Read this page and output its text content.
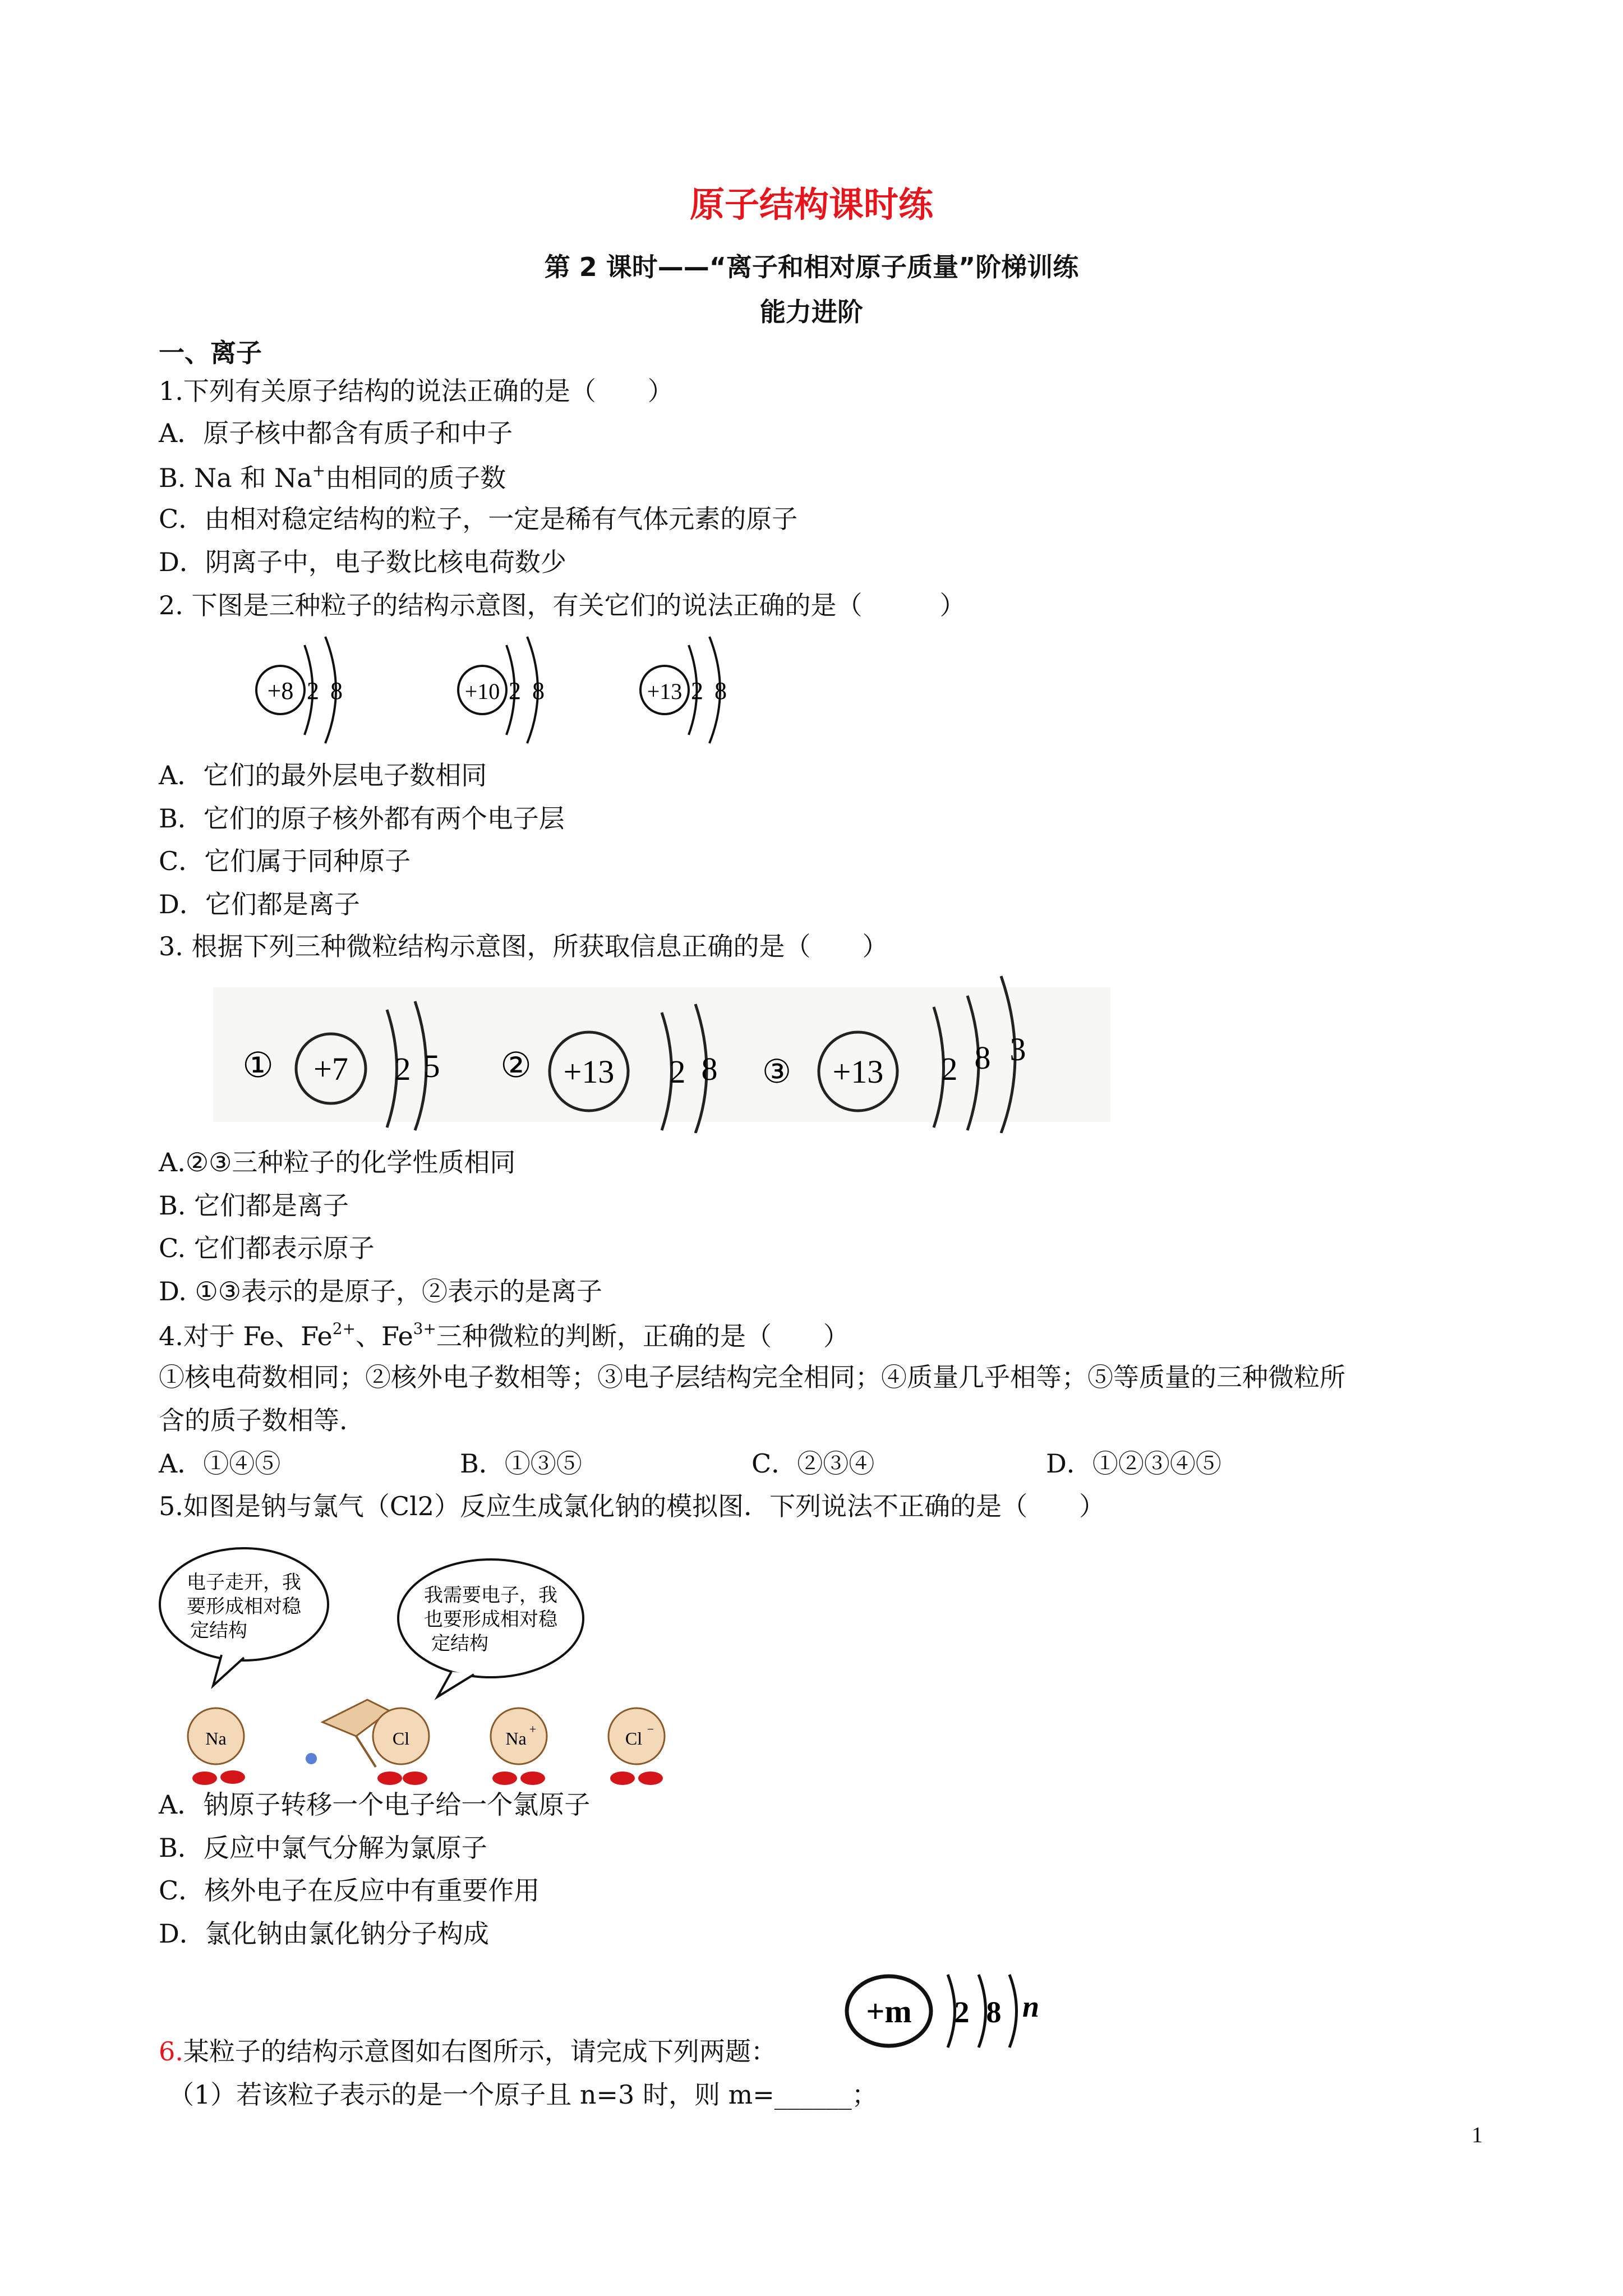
原子结构课时练
第 2 课时——“离子和相对原子质量”阶梯训练
能力进阶
一、离子
1.下列有关原子结构的说法正确的是（　　）
A．原子核中都含有质子和中子
B. Na 和 Na+由相同的质子数
C．由相对稳定结构的粒子，一定是稀有气体元素的原子
D．阴离子中，电子数比核电荷数少
2. 下图是三种粒子的结构示意图，有关它们的说法正确的是（　　　）
+8 2 8	+10 2 8	+13 2 8
A．它们的最外层电子数相同
B．它们的原子核外都有两个电子层
C．它们属于同种原子
D．它们都是离子
3. 根据下列三种微粒结构示意图，所获取信息正确的是（　　）
① +7 2 5 ② +13 2 8 ③ +13 2 8 3
A.②③三种粒子的化学性质相同
B. 它们都是离子
C. 它们都表示原子
D. ①③表示的是原子，②表示的是离子
4.对于 Fe、$Fe^{2+}$、$Fe^{3+}$三种微粒的判断，正确的是（　　）
①核电荷数相同；②核外电子数相等；③电子层结构完全相同；④质量几乎相等；⑤等质量的三种微粒所
含的质子数相等.
A．①④⑤	B．①③⑤	C．②③④	D．①②③④⑤
5.如图是钠与氯气（Cl2）反应生成氯化钠的模拟图．下列说法不正确的是（　　）
电子走开，我
要形成相对稳
定结构
我需要电子，我
也要形成相对稳
定结构
Na	Cl	Na +	Cl −
A．钠原子转移一个电子给一个氯原子
B．反应中氯气分解为氯原子
C．核外电子在反应中有重要作用
D．氯化钠由氯化钠分子构成
+m 2 8 n
6.某粒子的结构示意图如右图所示，请完成下列两题：
（1）若该粒子表示的是一个原子且 n=3 时，则 m=______；
1
